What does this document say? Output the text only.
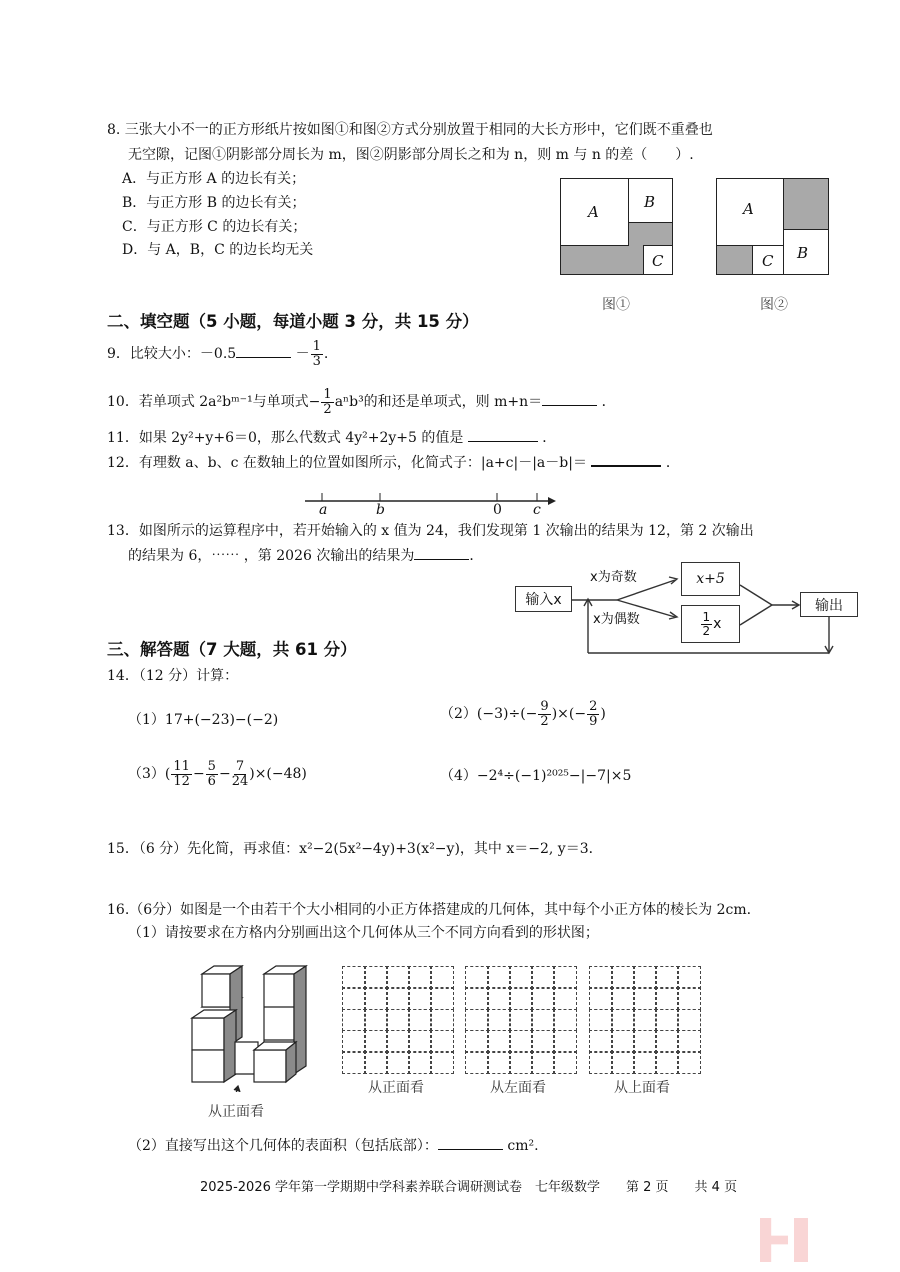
8. 三张大小不一的正方形纸片按如图①和图②方式分别放置于相同的大长方形中，它们既不重叠也
无空隙，记图①阴影部分周长为 m，图②阴影部分周长之和为 n，则 m 与 n 的差（　　）.
A．与正方形 A 的边长有关；
B．与正方形 B 的边长有关；
C．与正方形 C 的边长有关；
D．与 A，B，C 的边长均无关
A
B
C
图①
A
B
C
图②
二、填空题（5 小题，每道小题 3 分，共 15 分）
9．比较大小：－0.5	－ $\frac{1}{3}$ .
10．若单项式 2a²bᵐ⁻¹与单项式− $\frac{1}{2} a^nb^3$的和还是单项式，则 m+n＝	．
11．如果 2y²+y+6＝0，那么代数式 4y²+2y+5 的值是	．
12．有理数 a、b、c 在数轴上的位置如图所示，化简式子：|a+c|－|a－b|＝	．
a	b	0 c
13．如图所示的运算程序中，若开始输入的 x 值为 24，我们发现第 1 次输出的结果为 12，第 2 次输出
的结果为 6，⋯⋯ ，第 2026 次输出的结果为	．
输入x
x为奇数
x为偶数
x+5
$\frac{1}{2}$ x
输出
三、解答题（7 大题，共 61 分）
14．（12 分）计算：
（1）17+(−23)−(−2)	$(2)(-3)\div(- \frac{9}{2}$ )×(− $\frac{2}{9}$ )
$(3)( \frac{11}{12} - \frac{5}{6} - \frac{7}{24} )\times(-48)$	（4）−2⁴÷(−1)²⁰²⁵−|−7|×5
15．（6 分）先化简，再求值：x²−2(5x²−4y)+3(x²−y)，其中 x＝−2, y＝3．
16.（6分）如图是一个由若干个大小相同的小正方体搭建成的几何体，其中每个小正方体的棱长为 2cm.
（1）请按要求在方格内分别画出这个几何体从三个不同方向看到的形状图；
从正面看
从正面看	从左面看	从上面看
（2）直接写出这个几何体的表面积（包括底部）：	cm².
2025-2026 学年第一学期期中学科素养联合调研测试卷　七年级数学　　第 2 页　　共 4 页
